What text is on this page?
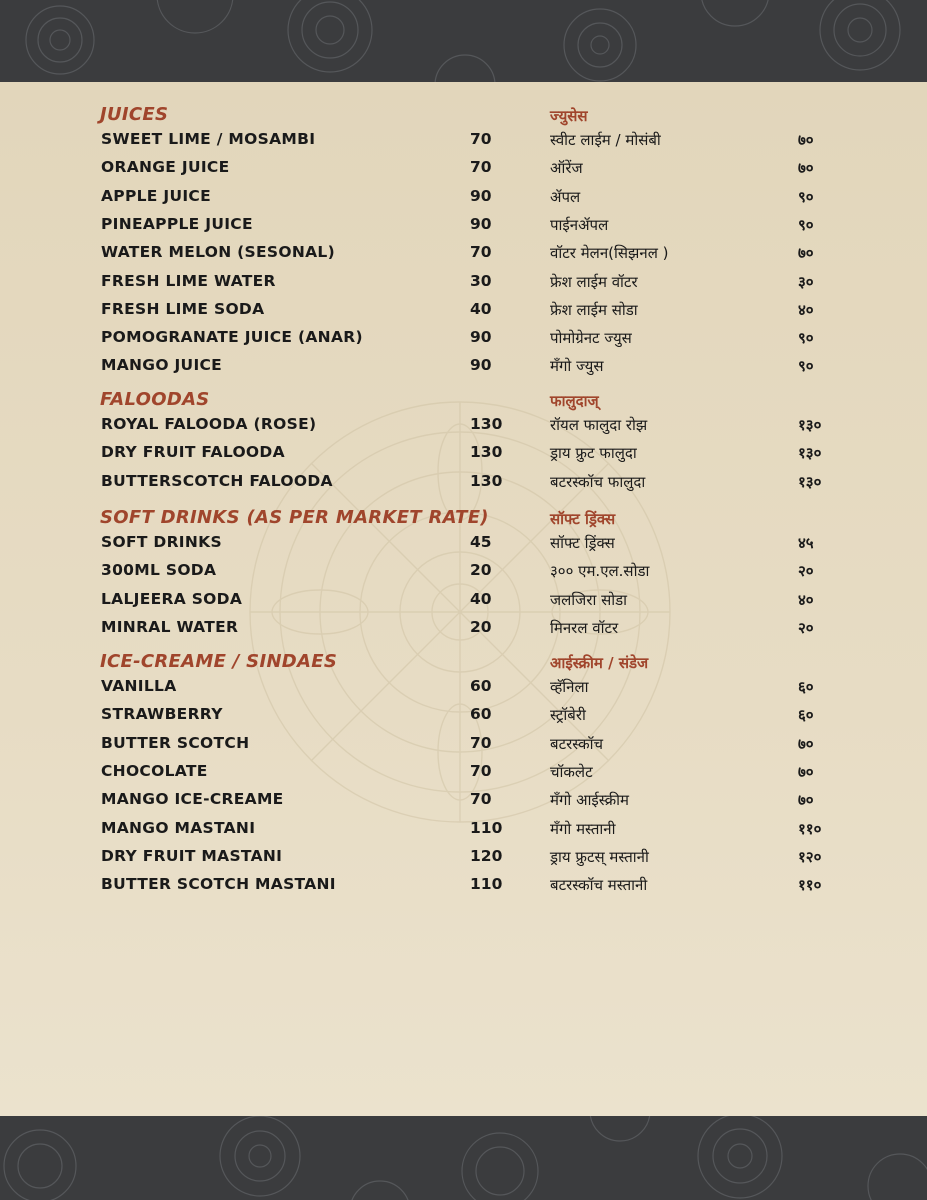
JUICES	ज्युसेस
SWEET LIME / MOSAMBI	70	स्वीट लाईम / मोसंबी	७०
ORANGE JUICE	70	ऑरेंज	७०
APPLE JUICE	90	ॲपल	९०
PINEAPPLE JUICE	90	पाईनॲपल	९०
WATER MELON (SESONAL)	70	वॉटर मेलन(सिझनल )	७०
FRESH LIME WATER	30	फ्रेश लाईम वॉटर	३०
FRESH LIME SODA	40	फ्रेश लाईम सोडा	४०
POMOGRANATE JUICE (ANAR)	90	पोमोग्रेनट ज्युस	९०
MANGO JUICE	90	मॅंगो ज्युस	९०
FALOODAS	फालुदाज्
ROYAL FALOODA (ROSE)	130	रॉयल फालुदा रोझ	१३०
DRY FRUIT FALOODA	130	ड्राय फ्रुट फालुदा	१३०
BUTTERSCOTCH FALOODA	130	बटरस्कॉच फालुदा	१३०
SOFT DRINKS (AS PER MARKET RATE)	सॉफ्ट ड्रिंक्स
SOFT DRINKS	45	सॉफ्ट ड्रिंक्स	४५
300ML SODA	20	३०० एम.एल.सोडा	२०
LALJEERA SODA	40	जलजिरा सोडा	४०
MINRAL WATER	20	मिनरल वॉटर	२०
ICE-CREAME / SINDAES	आईस्क्रीम / संडेज
VANILLA	60	व्हॅनिला	६०
STRAWBERRY	60	स्ट्रॉबेरी	६०
BUTTER SCOTCH	70	बटरस्कॉच	७०
CHOCOLATE	70	चॉकलेट	७०
MANGO ICE-CREAME	70	मॅंगो आईस्क्रीम	७०
MANGO MASTANI	110	मॅंगो मस्तानी	११०
DRY FRUIT MASTANI	120	ड्राय फ्रुटस् मस्तानी	१२०
BUTTER SCOTCH MASTANI	110	बटरस्कॉच मस्तानी	११०
